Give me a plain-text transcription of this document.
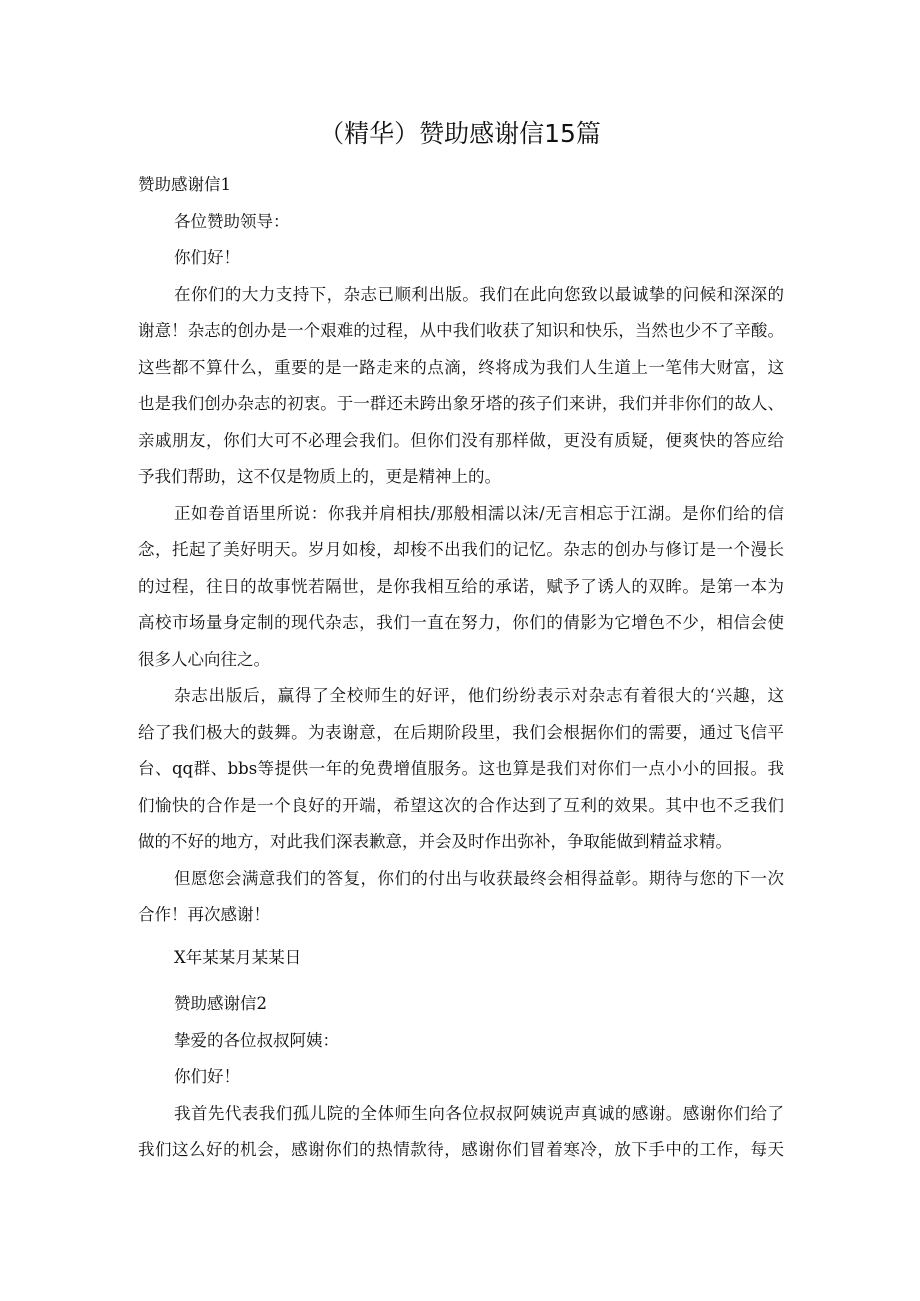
（精华）赞助感谢信15篇
赞助感谢信1
各位赞助领导：
你们好！
在你们的大力支持下，杂志已顺利出版。我们在此向您致以最诚挚的问候和深深的
谢意！杂志的创办是一个艰难的过程，从中我们收获了知识和快乐，当然也少不了辛酸。
这些都不算什么，重要的是一路走来的点滴，终将成为我们人生道上一笔伟大财富，这
也是我们创办杂志的初衷。于一群还未跨出象牙塔的孩子们来讲，我们并非你们的故人、
亲戚朋友，你们大可不必理会我们。但你们没有那样做，更没有质疑，便爽快的答应给
予我们帮助，这不仅是物质上的，更是精神上的。
正如卷首语里所说：你我并肩相扶/那般相濡以沫/无言相忘于江湖。是你们给的信
念，托起了美好明天。岁月如梭，却梭不出我们的记忆。杂志的创办与修订是一个漫长
的过程，往日的故事恍若隔世，是你我相互给的承诺，赋予了诱人的双眸。是第一本为
高校市场量身定制的现代杂志，我们一直在努力，你们的倩影为它增色不少，相信会使
很多人心向往之。
杂志出版后，赢得了全校师生的好评，他们纷纷表示对杂志有着很大的‘兴趣，这
给了我们极大的鼓舞。为表谢意，在后期阶段里，我们会根据你们的需要，通过飞信平
台、qq群、bbs等提供一年的免费增值服务。这也算是我们对你们一点小小的回报。我
们愉快的合作是一个良好的开端，希望这次的合作达到了互利的效果。其中也不乏我们
做的不好的地方，对此我们深表歉意，并会及时作出弥补，争取能做到精益求精。
但愿您会满意我们的答复，你们的付出与收获最终会相得益彰。期待与您的下一次
合作！再次感谢！
X年某某月某某日
赞助感谢信2
挚爱的各位叔叔阿姨：
你们好！
我首先代表我们孤儿院的全体师生向各位叔叔阿姨说声真诚的感谢。感谢你们给了
我们这么好的机会，感谢你们的热情款待，感谢你们冒着寒冷，放下手中的工作，每天
